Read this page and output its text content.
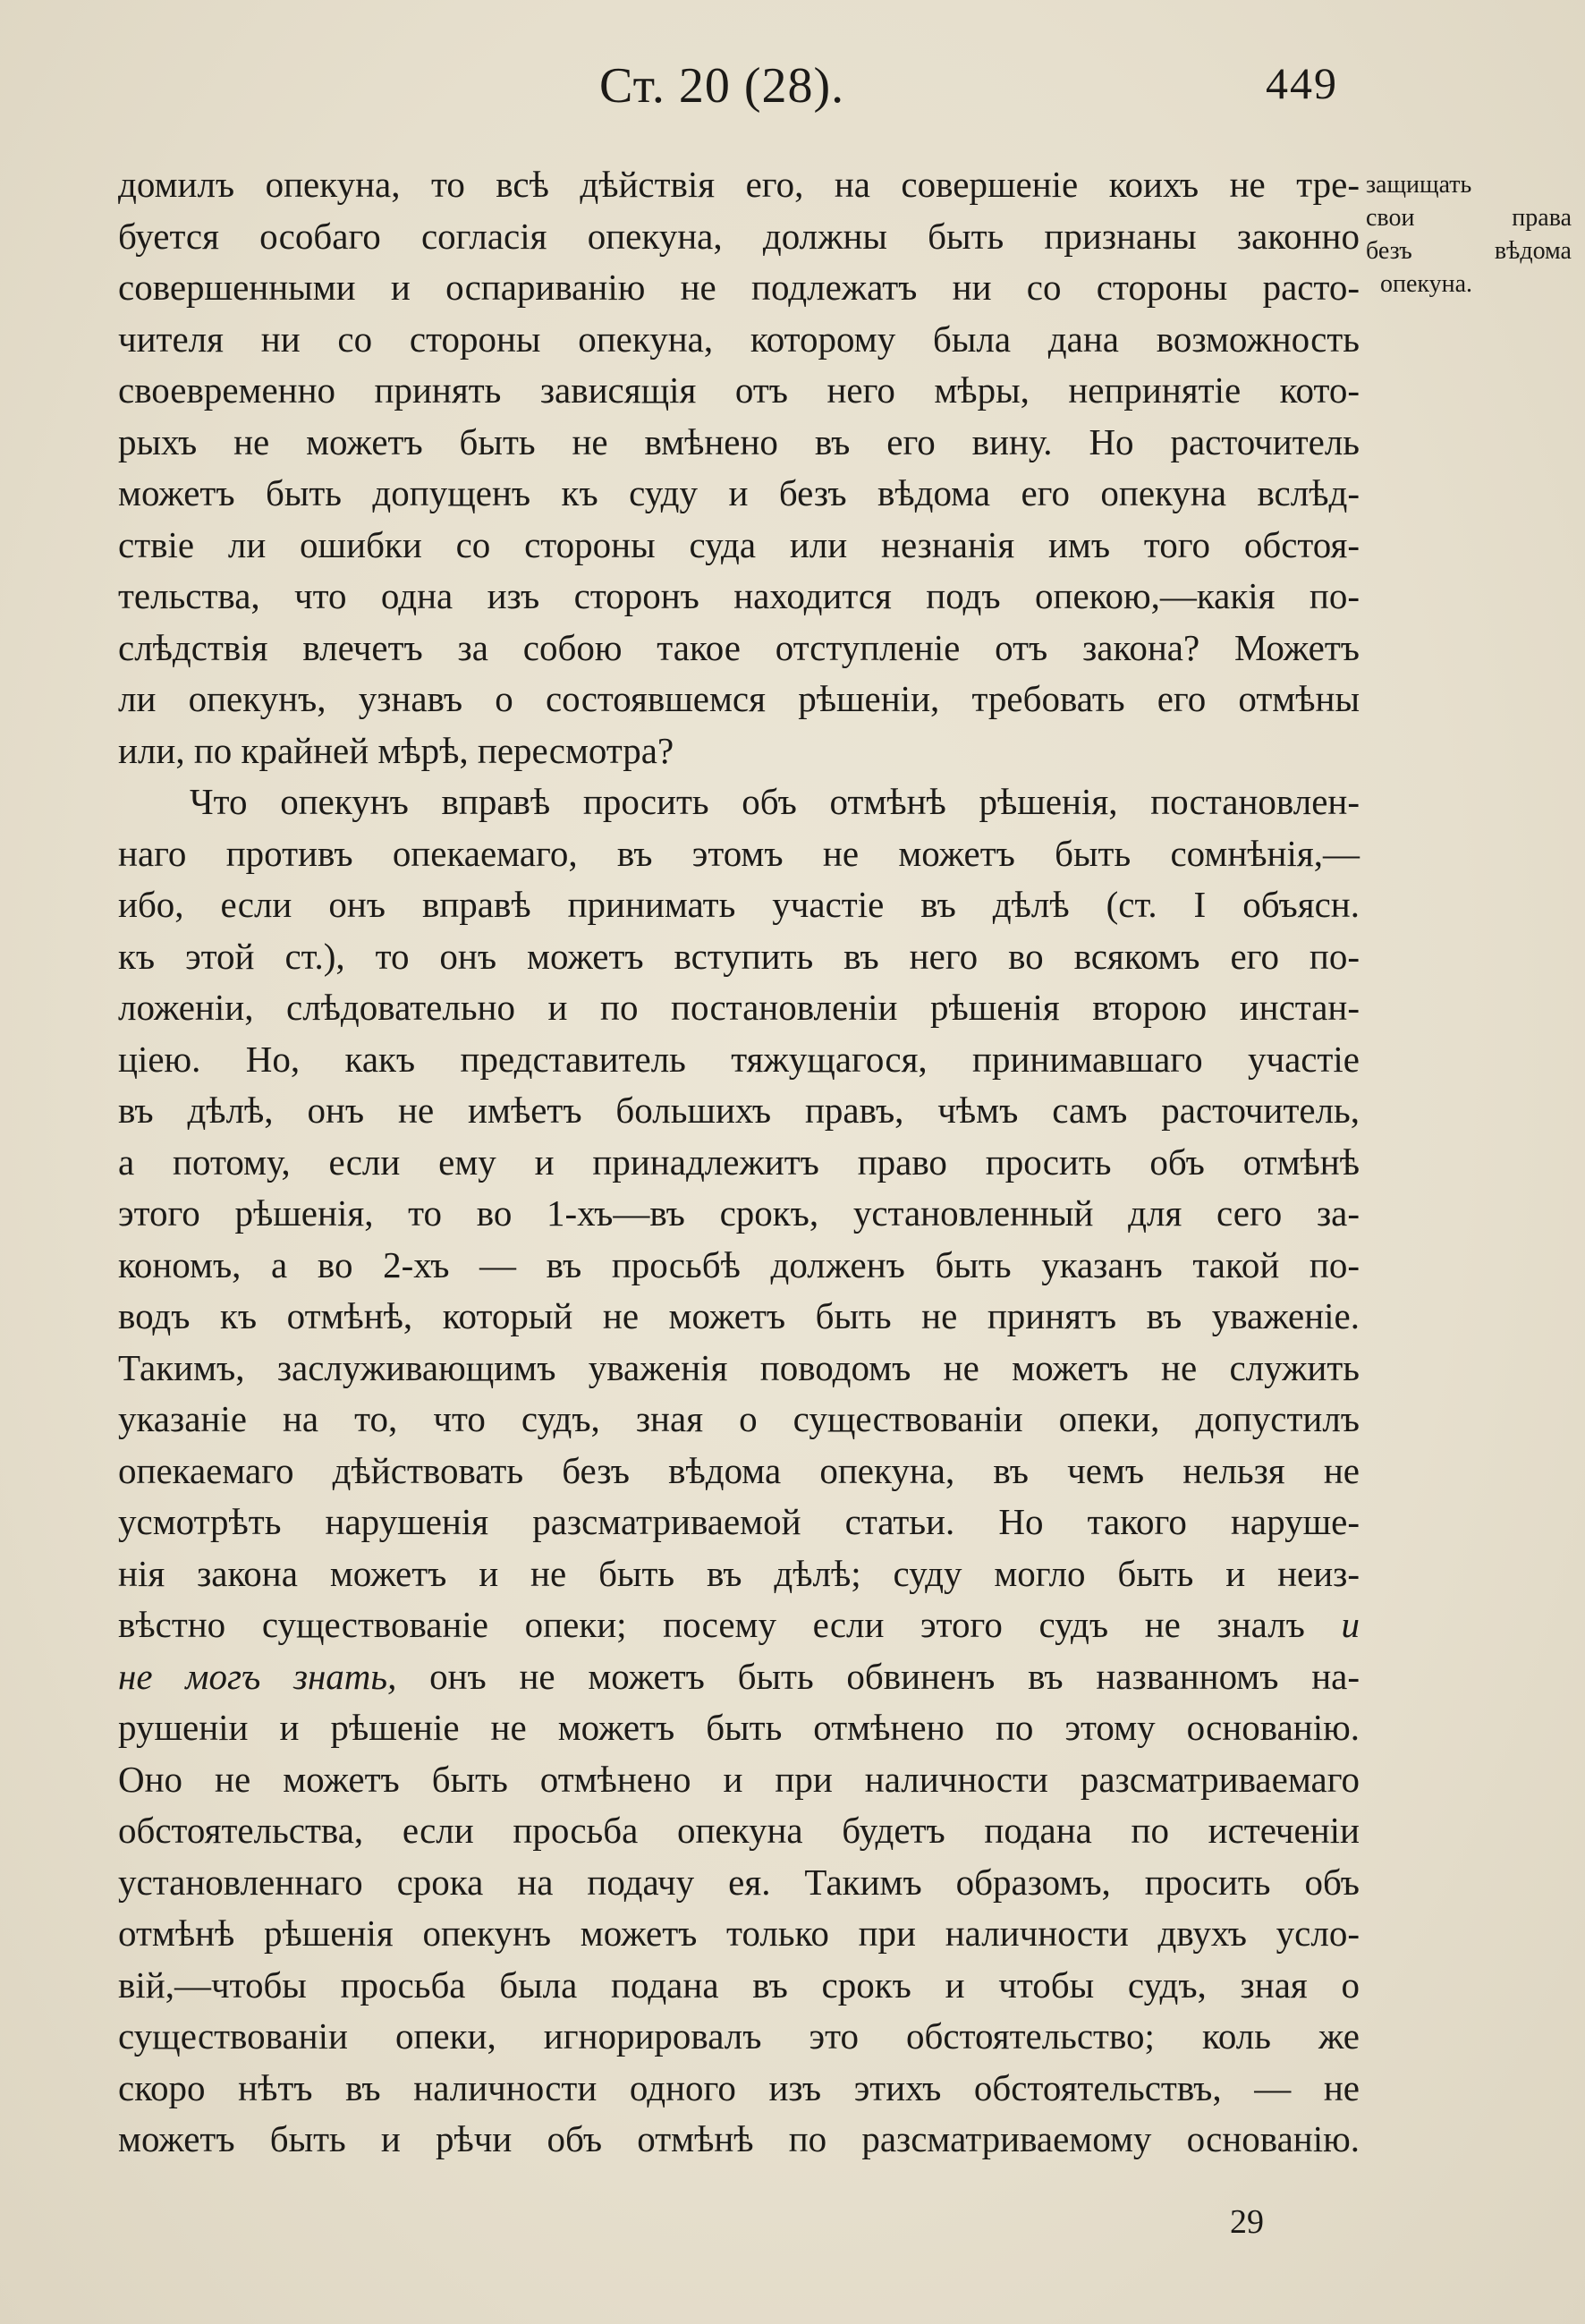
Ст. 20 (28).	449
защищать
свои права
безъ вѣдома
опекуна.
домилъ опекуна, то всѣ дѣйствія его, на совершеніе коихъ не тре-
буется особаго согласія опекуна, должны быть признаны законно
совершенными и оспариванію не подлежатъ ни со стороны расто-
чителя ни со стороны опекуна, которому была дана возможность
своевременно принять зависящія отъ него мѣры, непринятіе кото-
рыхъ не можетъ быть не вмѣнено въ его вину. Но расточитель
можетъ быть допущенъ къ суду и безъ вѣдома его опекуна вслѣд-
ствіе ли ошибки со стороны суда или незнанія имъ того обстоя-
тельства, что одна изъ сторонъ находится подъ опекою,—какія по-
слѣдствія влечетъ за собою такое отступленіе отъ закона? Можетъ
ли опекунъ, узнавъ о состоявшемся рѣшеніи, требовать его отмѣны
или, по крайней мѣрѣ, пересмотра?
Что опекунъ вправѣ просить объ отмѣнѣ рѣшенія, постановлен-
наго противъ опекаемаго, въ этомъ не можетъ быть сомнѣнія,—
ибо, если онъ вправѣ принимать участіе въ дѣлѣ (ст. I объясн.
къ этой ст.), то онъ можетъ вступить въ него во всякомъ его по-
ложеніи, слѣдовательно и по постановленіи рѣшенія второю инстан-
ціею. Но, какъ представитель тяжущагося, принимавшаго участіе
въ дѣлѣ, онъ не имѣетъ большихъ правъ, чѣмъ самъ расточитель,
а потому, если ему и принадлежитъ право просить объ отмѣнѣ
этого рѣшенія, то во 1-хъ—въ срокъ, установленный для сего за-
кономъ, а во 2-хъ — въ просьбѣ долженъ быть указанъ такой по-
водъ къ отмѣнѣ, который не можетъ быть не принятъ въ уваженіе.
Такимъ, заслуживающимъ уваженія поводомъ не можетъ не служить
указаніе на то, что судъ, зная о существованіи опеки, допустилъ
опекаемаго дѣйствовать безъ вѣдома опекуна, въ чемъ нельзя не
усмотрѣть нарушенія разсматриваемой статьи. Но такого наруше-
нія закона можетъ и не быть въ дѣлѣ; суду могло быть и неиз-
вѣстно существованіе опеки; посему если этого судъ не зналъ и
не могъ знать, онъ не можетъ быть обвиненъ въ названномъ на-
рушеніи и рѣшеніе не можетъ быть отмѣнено по этому основанію.
Оно не можетъ быть отмѣнено и при наличности разсматриваемаго
обстоятельства, если просьба опекуна будетъ подана по истеченіи
установленнаго срока на подачу ея. Такимъ образомъ, просить объ
отмѣнѣ рѣшенія опекунъ можетъ только при наличности двухъ усло-
вій,—чтобы просьба была подана въ срокъ и чтобы судъ, зная о
существованіи опеки, игнорировалъ это обстоятельство; коль же
скоро нѣтъ въ наличности одного изъ этихъ обстоятельствъ, — не
можетъ быть и рѣчи объ отмѣнѣ по разсматриваемому основанію.
29
